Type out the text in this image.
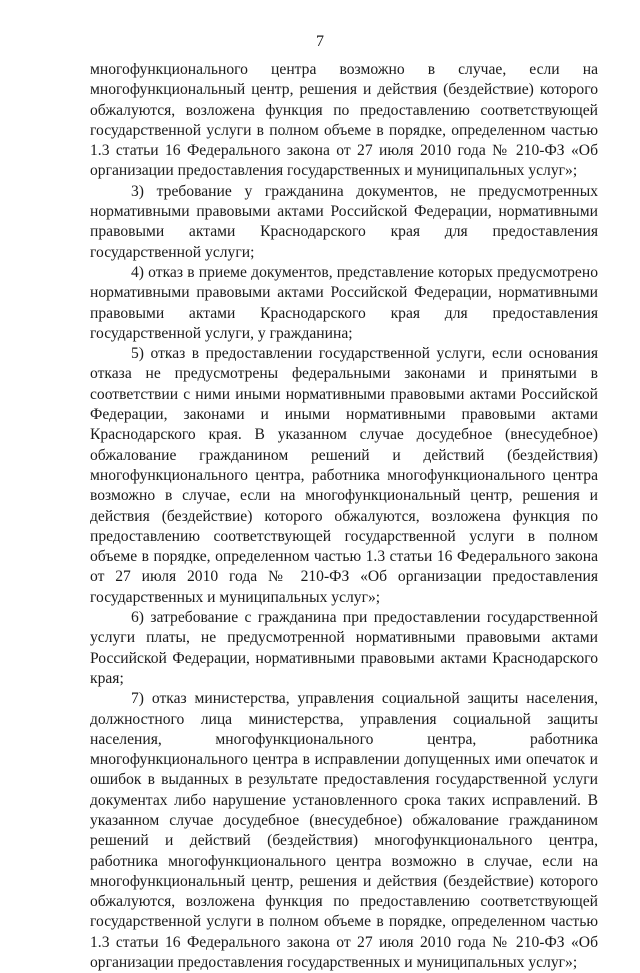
7

многофункционального центра возможно в случае, если на многофункциональный центр, решения и действия (бездействие) которого обжалуются, возложена функция по предоставлению соответствующей государственной услуги в полном объеме в порядке, определенном частью 1.3 статьи 16 Федерального закона от 27 июля 2010 года № 210-ФЗ «Об организации предоставления государственных и муниципальных услуг»;

3) требование у гражданина документов, не предусмотренных нормативными правовыми актами Российской Федерации, нормативными правовыми актами Краснодарского края для предоставления государственной услуги;

4) отказ в приеме документов, представление которых предусмотрено нормативными правовыми актами Российской Федерации, нормативными правовыми актами Краснодарского края для предоставления государственной услуги, у гражданина;

5) отказ в предоставлении государственной услуги, если основания отказа не предусмотрены федеральными законами и принятыми в соответствии с ними иными нормативными правовыми актами Российской Федерации, законами и иными нормативными правовыми актами Краснодарского края. В указанном случае досудебное (внесудебное) обжалование гражданином решений и действий (бездействия) многофункционального центра, работника многофункционального центра возможно в случае, если на многофункциональный центр, решения и действия (бездействие) которого обжалуются, возложена функция по предоставлению соответствующей государственной услуги в полном объеме в порядке, определенном частью 1.3 статьи 16 Федерального закона от 27 июля 2010 года № 210-ФЗ «Об организации предоставления государственных и муниципальных услуг»;

6) затребование с гражданина при предоставлении государственной услуги платы, не предусмотренной нормативными правовыми актами Российской Федерации, нормативными правовыми актами Краснодарского края;

7) отказ министерства, управления социальной защиты населения, должностного лица министерства, управления социальной защиты населения, многофункционального центра, работника многофункционального центра в исправлении допущенных ими опечаток и ошибок в выданных в результате предоставления государственной услуги документах либо нарушение установленного срока таких исправлений. В указанном случае досудебное (внесудебное) обжалование гражданином решений и действий (бездействия) многофункционального центра, работника многофункционального центра возможно в случае, если на многофункциональный центр, решения и действия (бездействие) которого обжалуются, возложена функция по предоставлению соответствующей государственной услуги в полном объеме в порядке, определенном частью 1.3 статьи 16 Федерального закона от 27 июля 2010 года № 210-ФЗ «Об организации предоставления государственных и муниципальных услуг»;
